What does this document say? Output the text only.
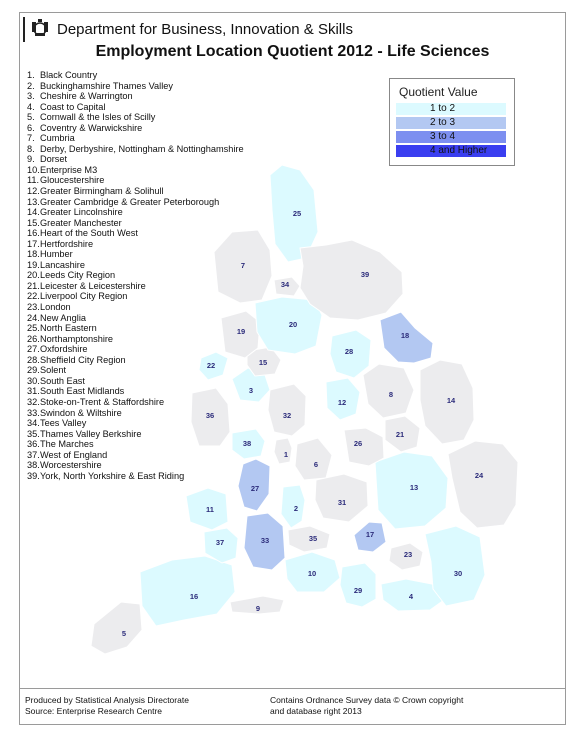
Department for Business, Innovation & Skills
Employment Location Quotient 2012 - Life Sciences
1
2
3
4
5
6
7
8
9
10
11
12
13
14
15
16
17
18
19
20
21
22
23
24
25
26
27
28
29
30
31
32
33
34
35
36
37
38
39
1. Black Country
2. Buckinghamshire Thames Valley
3. Cheshire & Warrington
4. Coast to Capital
5. Cornwall & the Isles of Scilly
6. Coventry & Warwickshire
7. Cumbria
8. Derby, Derbyshire, Nottingham & Nottinghamshire
9. Dorset
10.Enterprise M3
11.Gloucestershire
12.Greater Birmingham & Solihull
13.Greater Cambridge & Greater Peterborough
14.Greater Lincolnshire
15.Greater Manchester
16.Heart of the South West
17.Hertfordshire
18.Humber
19.Lancashire
20.Leeds City Region
21.Leicester & Leicestershire
22.Liverpool City Region
23.London
24.New Anglia
25.North Eastern
26.Northamptonshire
27.Oxfordshire
28.Sheffield City Region
29.Solent
30.South East
31.South East Midlands
32.Stoke-on-Trent & Staffordshire
33.Swindon & Wiltshire
34.Tees Valley
35.Thames Valley Berkshire
36.The Marches
37.West of England
38.Worcestershire
39.York, North Yorkshire & East Riding
Quotient Value
1 to 2
2 to 3
3 to 4
4 and Higher
Produced by Statistical Analysis Directorate
Source: Enterprise Research Centre
Contains Ordnance Survey data © Crown copyright
and database right 2013
